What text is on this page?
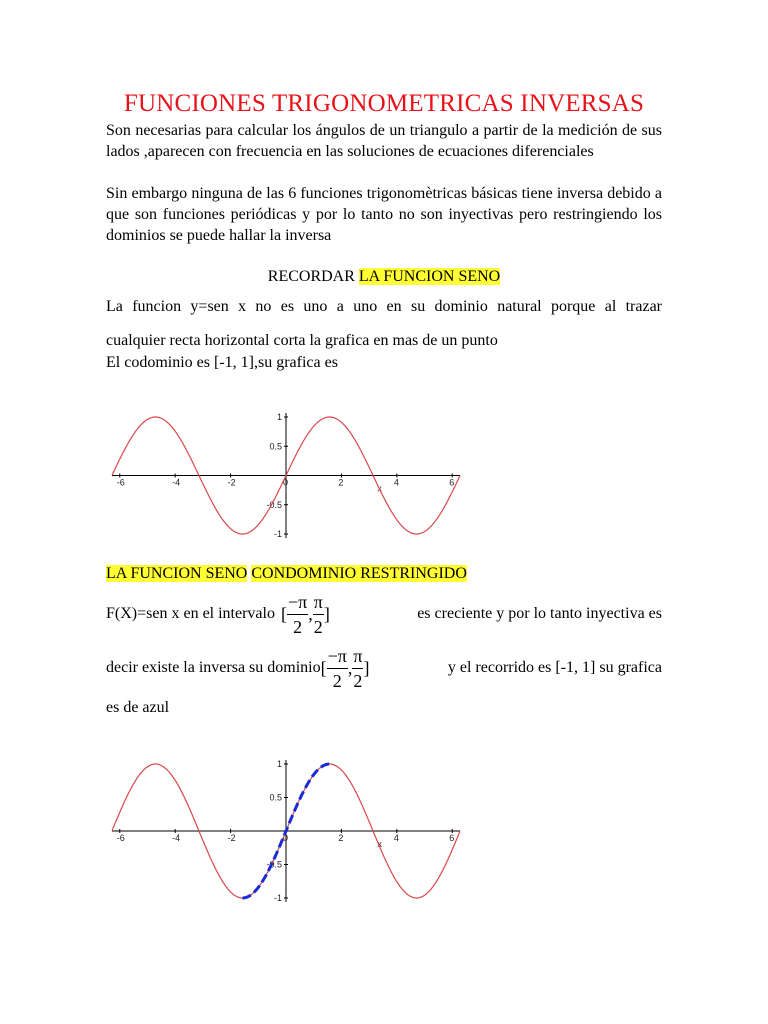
FUNCIONES TRIGONOMETRICAS INVERSAS
Son necesarias para calcular los ángulos de un triangulo a partir de la medición de sus lados ,aparecen con frecuencia en las soluciones de ecuaciones diferenciales
Sin embargo ninguna de las 6 funciones trigonomètricas básicas tiene inversa debido a que son funciones periódicas y por lo tanto no son inyectivas pero restringiendo los dominios se puede hallar la inversa
RECORDAR LA FUNCION SENO
La funcion y=sen x no es uno a uno en su dominio natural porque al trazar
cualquier recta horizontal corta la grafica en mas de un punto
El codominio es [-1, 1],su grafica es
-6	-4	-2	0	2	4	6
1
0.5
-0.5
-1
x
LA FUNCION SENO CONDOMINIO RESTRINGIDO
F(X)=sen x en el intervalo [ $\frac{-\pi}{2}$ , $\frac{\pi}{2}$ ]	es creciente y por lo tanto inyectiva es
decir existe la inversa su dominio [ $\frac{-\pi}{2}$ , $\frac{\pi}{2}$ ]	y el recorrido es [-1, 1] su grafica
es de azul
-6	-4	-2	0	2	4	6
1
0.5
-0.5
-1
x
